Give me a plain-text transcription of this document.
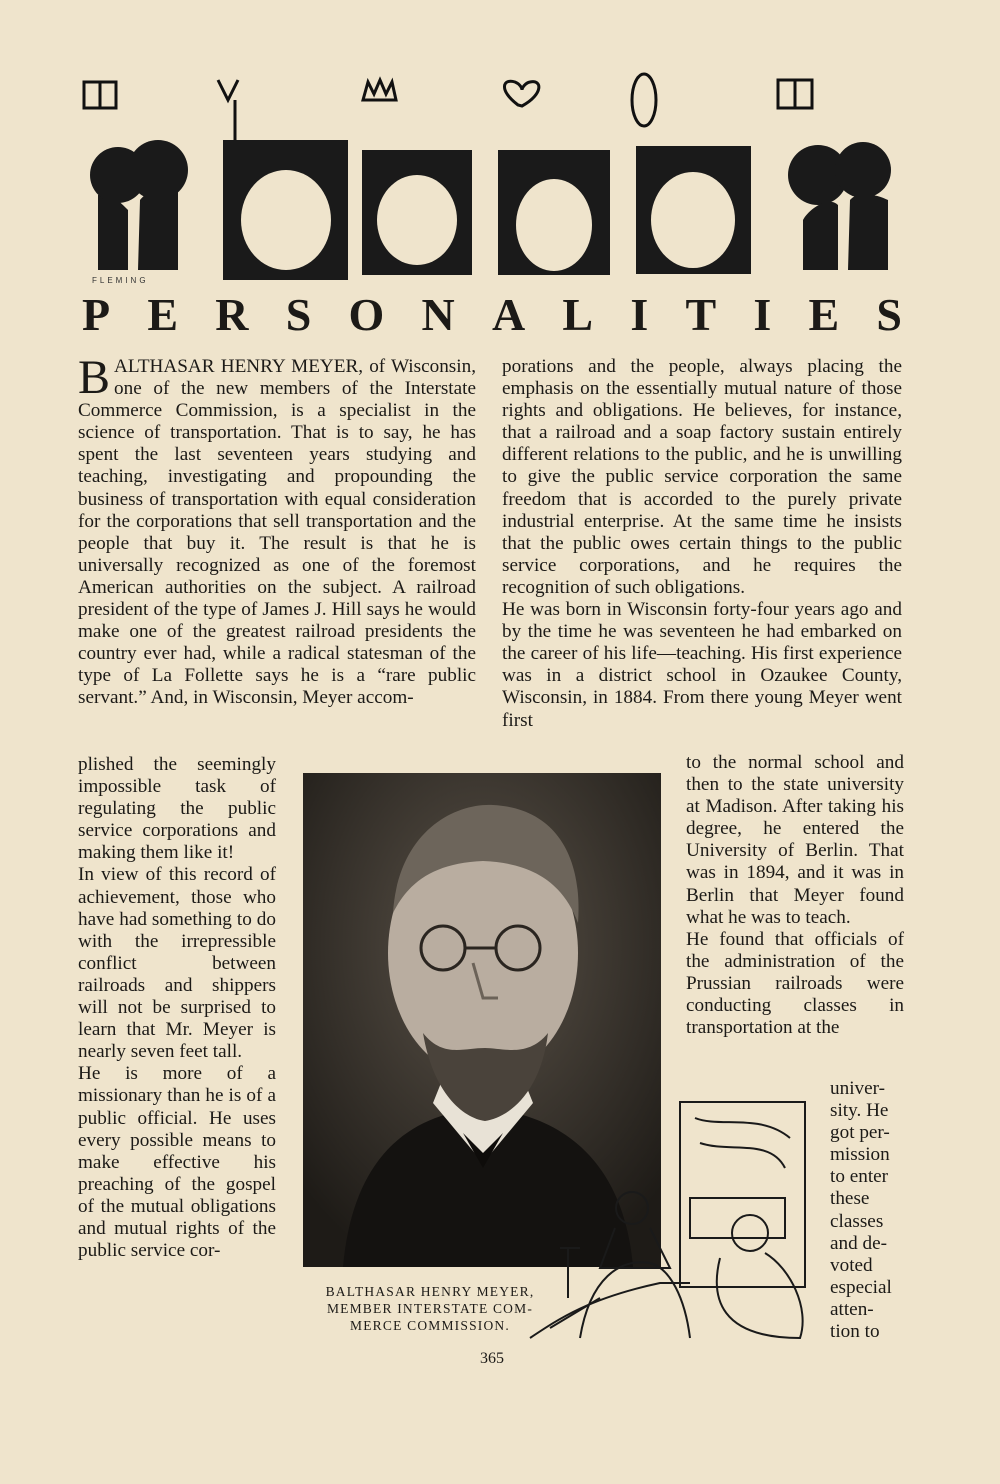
FLEMING
P E R S O N A L I T I E S

BALTHASAR HENRY MEYER, of Wisconsin, one of the new members of the Interstate Commerce Commission, is a specialist in the science of transportation. That is to say, he has spent the last seventeen years studying and teaching, investigating and propounding the business of transportation with equal consideration for the corporations that sell transportation and the people that buy it. The result is that he is universally recognized as one of the foremost American authorities on the subject. A railroad president of the type of James J. Hill says he would make one of the greatest railroad presidents the country ever had, while a radical statesman of the type of La Follette says he is a “rare public servant.” And, in Wisconsin, Meyer accom-

plished the seemingly impossible task of regulating the public service corporations and making them like it!

In view of this record of achievement, those who have had something to do with the irrepressible conflict between railroads and shippers will not be surprised to learn that Mr. Meyer is nearly seven feet tall.

He is more of a missionary than he is of a public official. He uses every possible means to make effective his preaching of the gospel of the mutual obligations and mutual rights of the public service cor-

porations and the people, always placing the emphasis on the essentially mutual nature of those rights and obligations. He believes, for instance, that a railroad and a soap factory sustain entirely different relations to the public, and he is unwilling to give the public service corporation the same freedom that is accorded to the purely private industrial enterprise. At the same time he insists that the public owes certain things to the public service corporations, and he requires the recognition of such obligations.

He was born in Wisconsin forty-four years ago and by the time he was seventeen he had embarked on the career of his life—teaching. His first experience was in a district school in Ozaukee County, Wisconsin, in 1884. From there young Meyer went first

to the normal school and then to the state university at Madison. After taking his degree, he entered the University of Berlin. That was in 1894, and it was in Berlin that Meyer found what he was to teach.

He found that officials of the administration of the Prussian railroads were conducting classes in transportation at the

univer-
sity. He
got per-
mission
to enter
these
classes
and de-
voted
especial
atten-
tion to
BALTHASAR HENRY MEYER,
MEMBER INTERSTATE COM-
MERCE COMMISSION.
365
